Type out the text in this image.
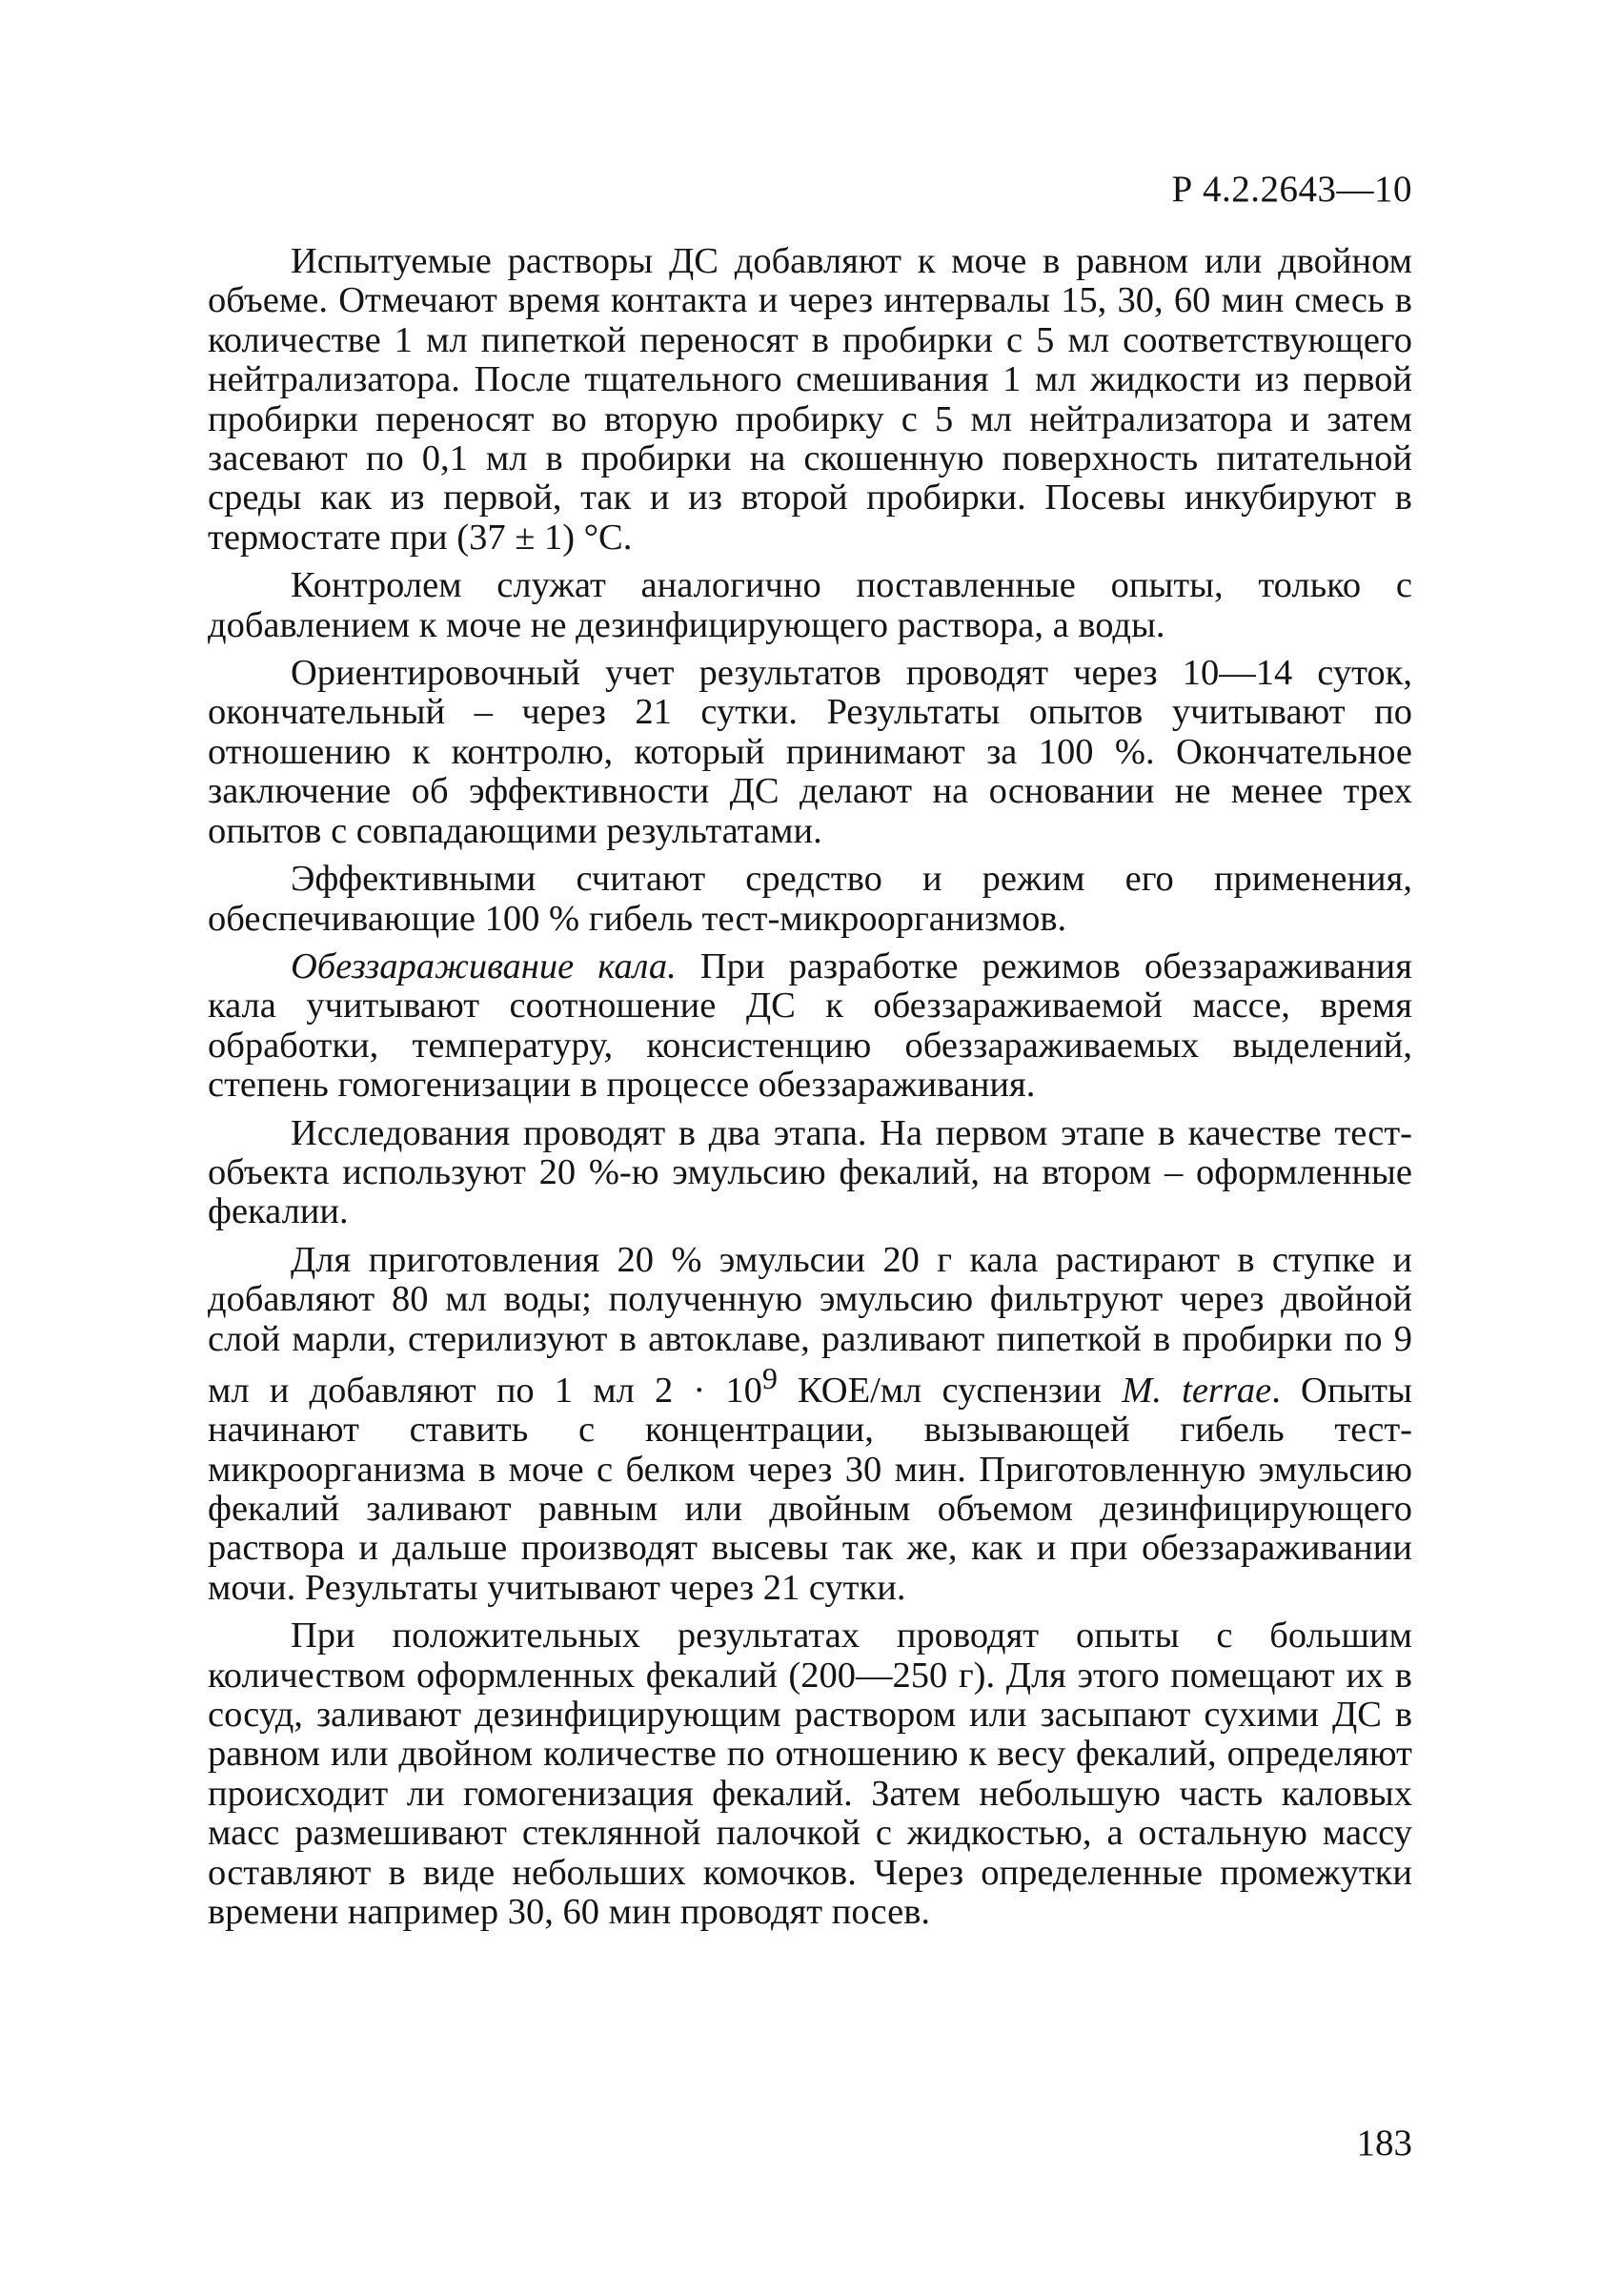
Р 4.2.2643—10

Испытуемые растворы ДС добавляют к моче в равном или двойном объеме. Отмечают время контакта и через интервалы 15, 30, 60 мин смесь в количестве 1 мл пипеткой переносят в пробирки с 5 мл соответствующего нейтрализатора. После тщательного смешивания 1 мл жидкости из первой пробирки переносят во вторую пробирку с 5 мл нейтрализатора и затем засевают по 0,1 мл в пробирки на скошенную поверхность питательной среды как из первой, так и из второй пробирки. Посевы инкубируют в термостате при (37 ± 1) °С.

Контролем служат аналогично поставленные опыты, только с добавлением к моче не дезинфицирующего раствора, а воды.

Ориентировочный учет результатов проводят через 10—14 суток, окончательный – через 21 сутки. Результаты опытов учитывают по отношению к контролю, который принимают за 100 %. Окончательное заключение об эффективности ДС делают на основании не менее трех опытов с совпадающими результатами.

Эффективными считают средство и режим его применения, обеспечивающие 100 % гибель тест-микроорганизмов.

Обеззараживание кала. При разработке режимов обеззараживания кала учитывают соотношение ДС к обеззараживаемой массе, время обработки, температуру, консистенцию обеззараживаемых выделений, степень гомогенизации в процессе обеззараживания.

Исследования проводят в два этапа. На первом этапе в качестве тест-объекта используют 20 %-ю эмульсию фекалий, на втором – оформленные фекалии.

Для приготовления 20 % эмульсии 20 г кала растирают в ступке и добавляют 80 мл воды; полученную эмульсию фильтруют через двойной слой марли, стерилизуют в автоклаве, разливают пипеткой в пробирки по 9 мл и добавляют по 1 мл $2 \cdot 10^9$ КОЕ/мл суспензии M. terrae. Опыты начинают ставить с концентрации, вызывающей гибель тест-микроорганизма в моче с белком через 30 мин. Приготовленную эмульсию фекалий заливают равным или двойным объемом дезинфицирующего раствора и дальше производят высевы так же, как и при обеззараживании мочи. Результаты учитывают через 21 сутки.

При положительных результатах проводят опыты с большим количеством оформленных фекалий (200—250 г). Для этого помещают их в сосуд, заливают дезинфицирующим раствором или засыпают сухими ДС в равном или двойном количестве по отношению к весу фекалий, определяют происходит ли гомогенизация фекалий. Затем небольшую часть каловых масс размешивают стеклянной палочкой с жидкостью, а остальную массу оставляют в виде небольших комочков. Через определенные промежутки времени например 30, 60 мин проводят посев.

183
